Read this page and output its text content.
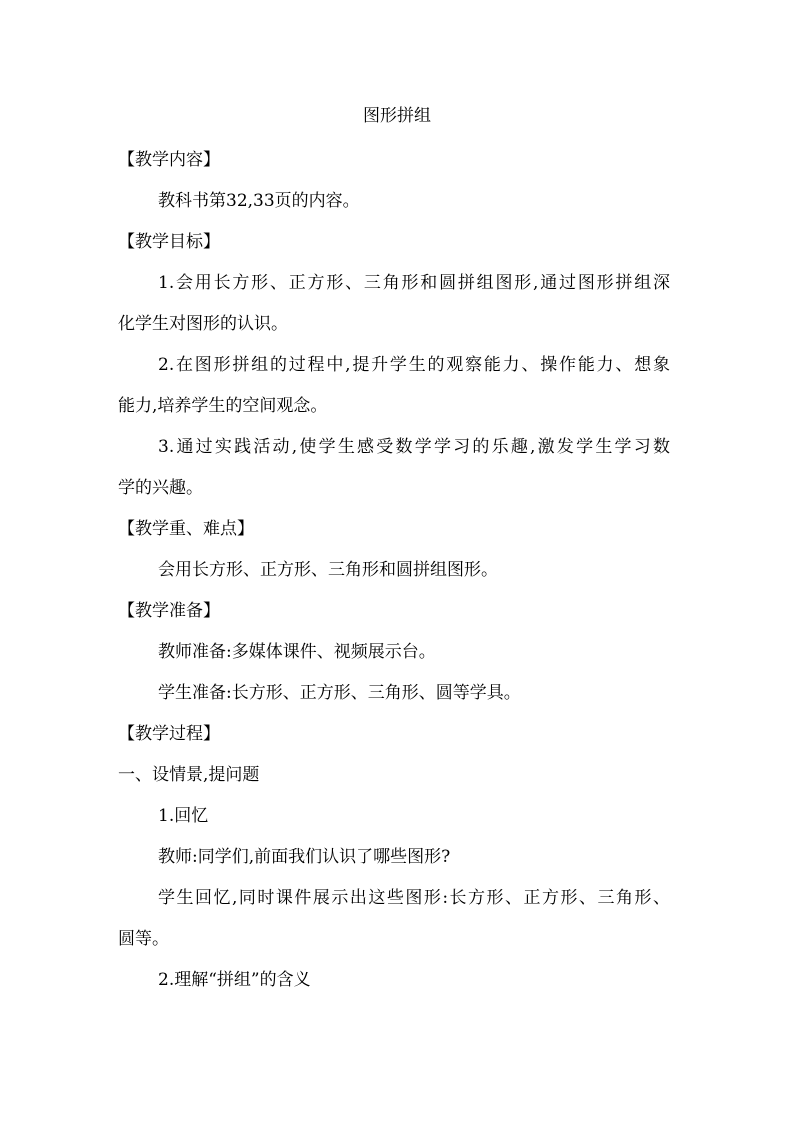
图形拼组

【教学内容】

教科书第32,33页的内容。

【教学目标】

1.会用长方形、正方形、三角形和圆拼组图形,通过图形拼组深

化学生对图形的认识。

2.在图形拼组的过程中,提升学生的观察能力、操作能力、想象

能力,培养学生的空间观念。

3.通过实践活动,使学生感受数学学习的乐趣,激发学生学习数

学的兴趣。

【教学重、难点】

会用长方形、正方形、三角形和圆拼组图形。

【教学准备】

教师准备:多媒体课件、视频展示台。

学生准备:长方形、正方形、三角形、圆等学具。

【教学过程】

一、设情景,提问题

1.回忆

教师:同学们,前面我们认识了哪些图形?

学生回忆,同时课件展示出这些图形:长方形、正方形、三角形、

圆等。

2.理解“拼组”的含义
